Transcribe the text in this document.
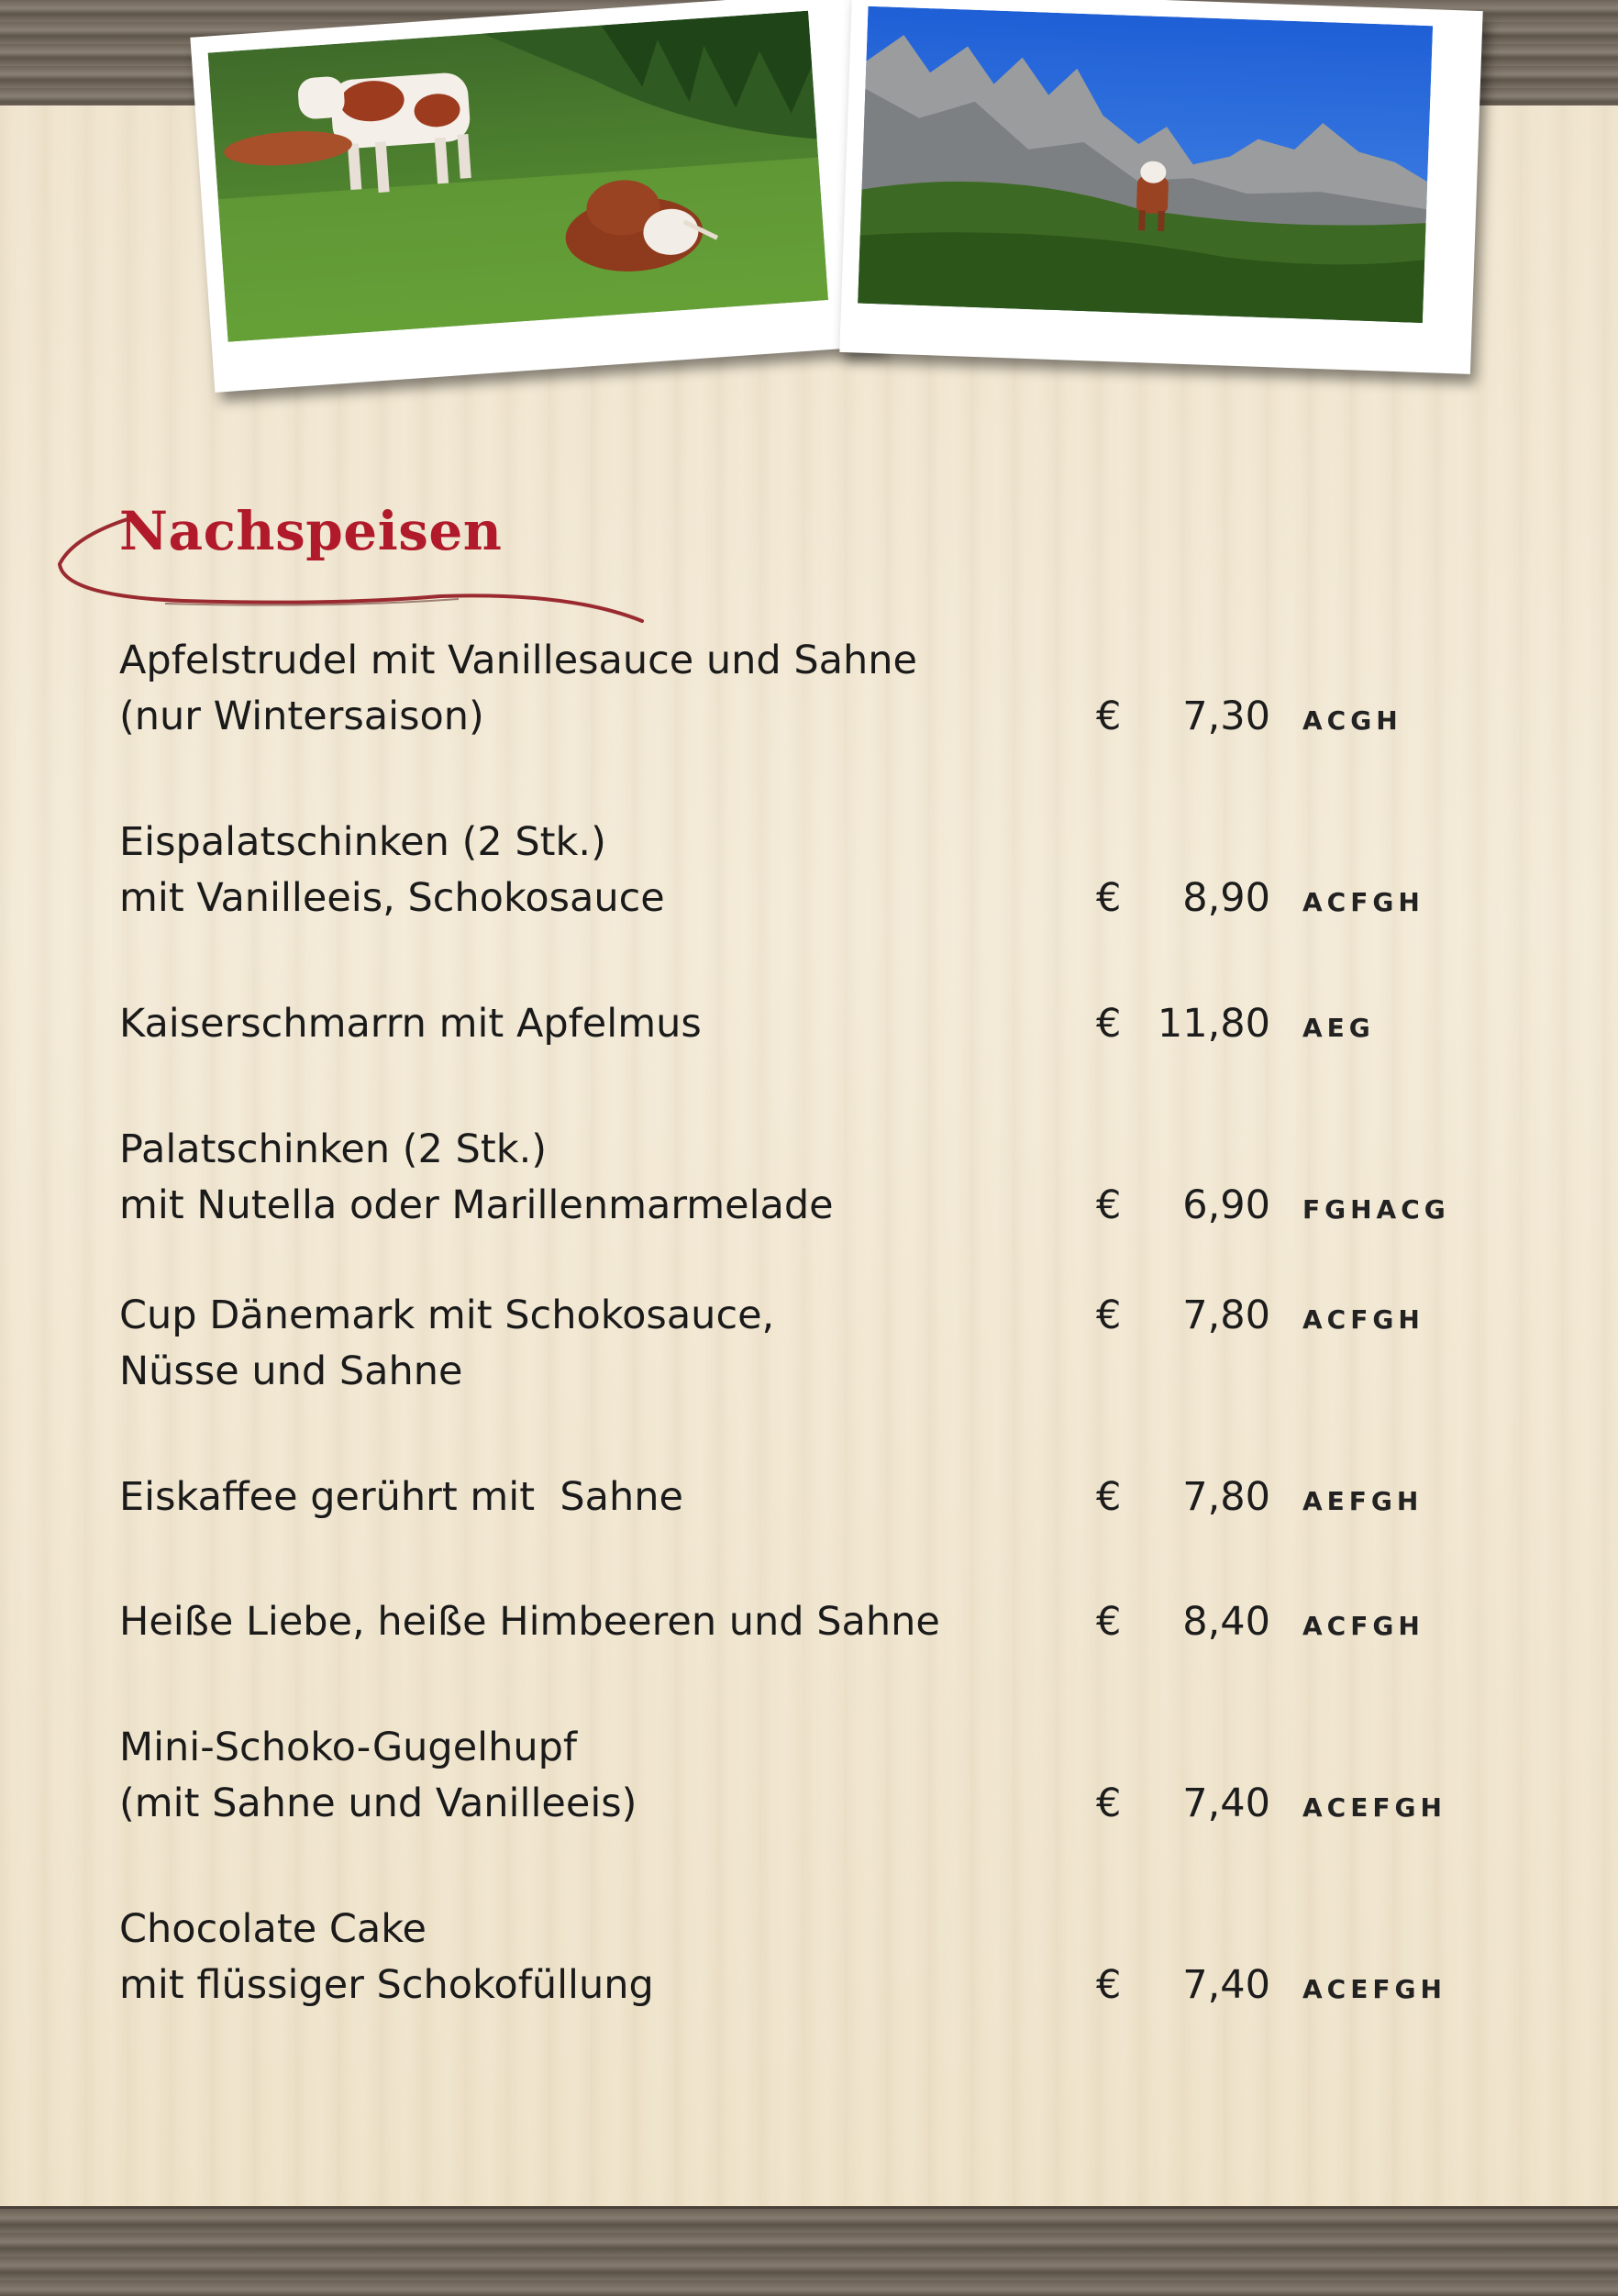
Nachspeisen
Apfelstrudel mit Vanillesauce und Sahne
(nur Wintersaison)	€	7,30 ACGH
Eispalatschinken (2 Stk.)
mit Vanilleeis, Schokosauce	€	8,90 ACFGH
Kaiserschmarrn mit Apfelmus	€ 11,80 AEG
Palatschinken (2 Stk.)
mit Nutella oder Marillenmarmelade	€	6,90 FGHACG
Cup Dänemark mit Schokosauce,
Nüsse und Sahne
€	7,80 ACFGH
Eiskaffee gerührt mit  Sahne	€	7,80 AEFGH
Heiße Liebe, heiße Himbeeren und Sahne	€	8,40 ACFGH
Mini-Schoko-Gugelhupf
(mit Sahne und Vanilleeis)	€	7,40 ACEFGH
Chocolate Cake
mit flüssiger Schokofüllung	€	7,40 ACEFGH
